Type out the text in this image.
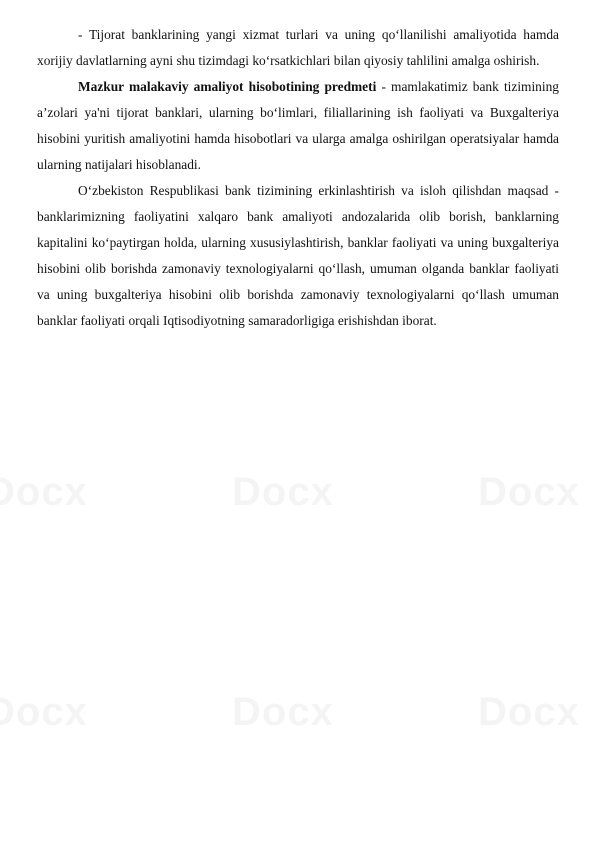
- Tijorat banklarining yangi xizmat turlari va uning qo‘llanilishi amaliyotida hamda xorijiy davlatlarning ayni shu tizimdagi ko‘rsatkichlari bilan qiyosiy tahlilini amalga oshirish.

Mazkur malakaviy amaliyot hisobotining predmeti - mamlakatimiz bank tizimining a’zolari ya'ni tijorat banklari, ularning bo‘limlari, filiallarining ish faoliyati va Buxgalteriya hisobini yuritish amaliyotini hamda hisobotlari va ularga amalga oshirilgan operatsiyalar hamda ularning natijalari hisoblanadi.

O‘zbekiston Respublikasi bank tizimining erkinlashtirish va isloh qilishdan maqsad - banklarimizning faoliyatini xalqaro bank amaliyoti andozalarida olib borish, banklarning kapitalini ko‘paytirgan holda, ularning xususiylashtirish, banklar faoliyati va uning buxgalteriya hisobini olib borishda zamonaviy texnologiyalarni qo‘llash, umuman olganda banklar faoliyati va uning buxgalteriya hisobini olib borishda zamonaviy texnologiyalarni qo‘llash umuman banklar faoliyati orqali Iqtisodiyotning samaradorligiga erishishdan iborat.
